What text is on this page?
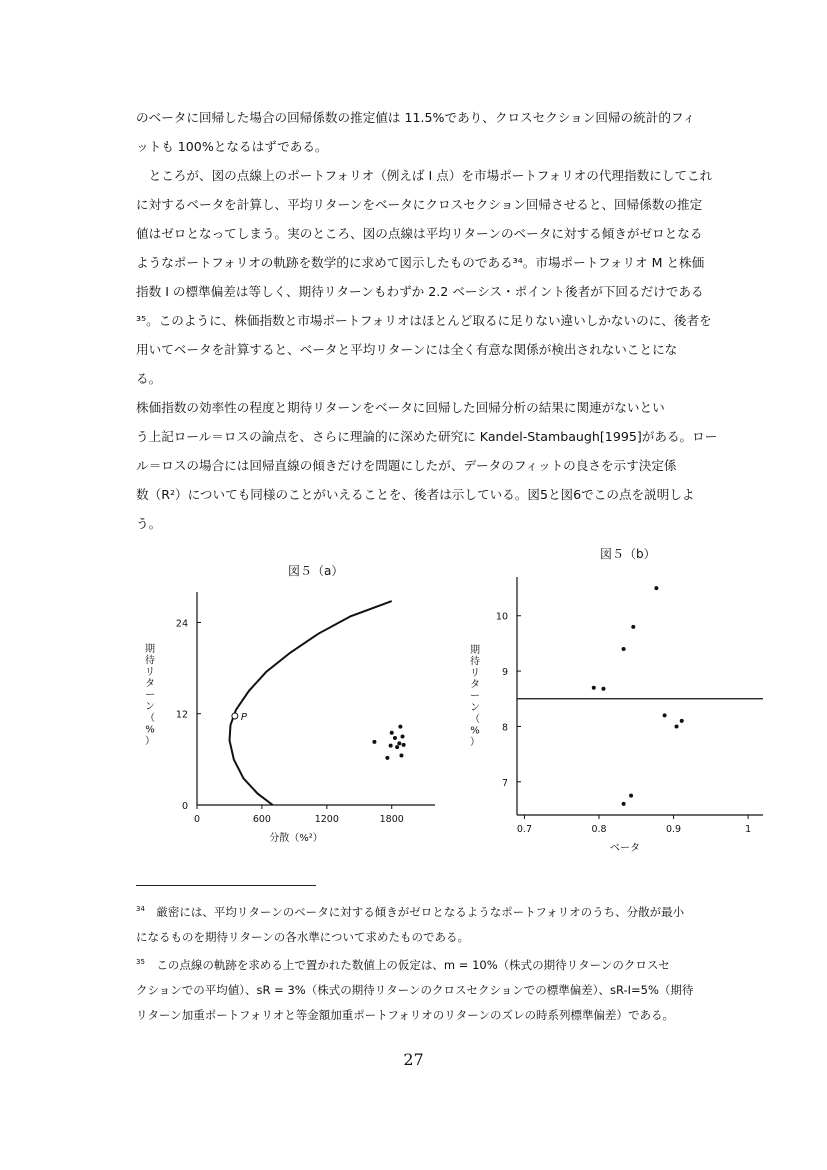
のベータに回帰した場合の回帰係数の推定値は 11.5%であり、クロスセクション回帰の統計的フィ

ットも 100%となるはずである。

　ところが、図の点線上のポートフォリオ（例えば I 点）を市場ポートフォリオの代理指数にしてこれ

に対するベータを計算し、平均リターンをベータにクロスセクション回帰させると、回帰係数の推定

値はゼロとなってしまう。実のところ、図の点線は平均リターンのベータに対する傾きがゼロとなる

ようなポートフォリオの軌跡を数学的に求めて図示したものである³⁴。市場ポートフォリオ M と株価

指数 I の標準偏差は等しく、期待リターンもわずか 2.2 ベーシス・ポイント後者が下回るだけである

³⁵。このように、株価指数と市場ポートフォリオはほとんど取るに足りない違いしかないのに、後者を

用いてベータを計算すると、ベータと平均リターンには全く有意な関係が検出されないことにな

る。

株価指数の効率性の程度と期待リターンをベータに回帰した回帰分析の結果に関連がないとい

う上記ロール＝ロスの論点を、さらに理論的に深めた研究に Kandel-Stambaugh[1995]がある。ロー

ル＝ロスの場合には回帰直線の傾きだけを問題にしたが、データのフィットの良さを示す決定係

数（R²）についても同様のことがいえることを、後者は示している。図5と図6でこの点を説明しよ

う。

図５（a）
0	600	1200	1800
0
12
24
P
分散（%²）
期
待
リ
タ
ー
ン
（
%
）
図５（b）
0.7	0.8	0.9	1
7
8
9
10
ベータ
期
待
リ
タ
ー
ン
（
%
）

$^{34}$　厳密には、平均リターンのベータに対する傾きがゼロとなるようなポートフォリオのうち、分散が最小

になるものを期待リターンの各水準について求めたものである。

$^{35}$　この点線の軌跡を求める上で置かれた数値上の仮定は、m = 10%（株式の期待リターンのクロスセ

クションでの平均値）、sR = 3%（株式の期待リターンのクロスセクションでの標準偏差）、sR-I=5%（期待

リターン加重ポートフォリオと等金額加重ポートフォリオのリターンのズレの時系列標準偏差）である。

27
